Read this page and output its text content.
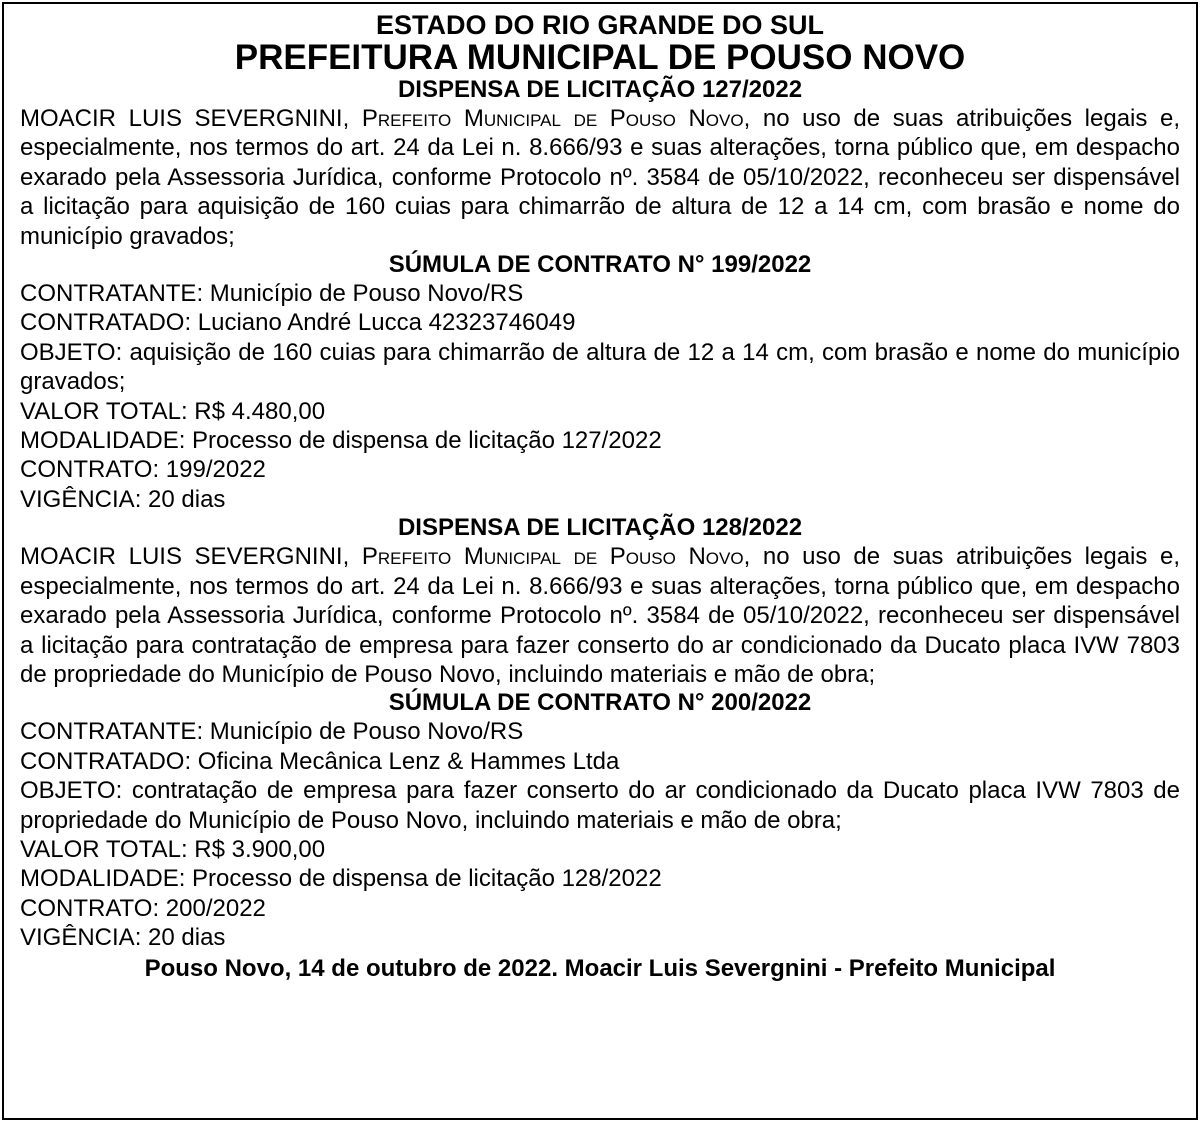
ESTADO DO RIO GRANDE DO SUL
PREFEITURA MUNICIPAL DE POUSO NOVO
DISPENSA DE LICITAÇÃO 127/2022
MOACIR LUIS SEVERGNINI, Prefeito Municipal de Pouso Novo, no uso de suas atribuições legais e, especialmente, nos termos do art. 24 da Lei n. 8.666/93 e suas alterações, torna público que, em despacho exarado pela Assessoria Jurídica, conforme Protocolo nº. 3584 de 05/10/2022, reconheceu ser dispensável a licitação para aquisição de 160 cuias para chimarrão de altura de 12 a 14 cm, com brasão e nome do município gravados;
SÚMULA DE CONTRATO N° 199/2022
CONTRATANTE: Município de Pouso Novo/RS
CONTRATADO: Luciano André Lucca 42323746049
OBJETO: aquisição de 160 cuias para chimarrão de altura de 12 a 14 cm, com brasão e nome do município gravados;
VALOR TOTAL: R$ 4.480,00
MODALIDADE: Processo de dispensa de licitação 127/2022
CONTRATO: 199/2022
VIGÊNCIA: 20 dias
DISPENSA DE LICITAÇÃO 128/2022
MOACIR LUIS SEVERGNINI, Prefeito Municipal de Pouso Novo, no uso de suas atribuições legais e, especialmente, nos termos do art. 24 da Lei n. 8.666/93 e suas alterações, torna público que, em despacho exarado pela Assessoria Jurídica, conforme Protocolo nº. 3584 de 05/10/2022, reconheceu ser dispensável a licitação para contratação de empresa para fazer conserto do ar condicionado da Ducato placa IVW 7803 de propriedade do Município de Pouso Novo, incluindo materiais e mão de obra;
SÚMULA DE CONTRATO N° 200/2022
CONTRATANTE: Município de Pouso Novo/RS
CONTRATADO: Oficina Mecânica Lenz & Hammes Ltda
OBJETO: contratação de empresa para fazer conserto do ar condicionado da Ducato placa IVW 7803 de propriedade do Município de Pouso Novo, incluindo materiais e mão de obra;
VALOR TOTAL: R$ 3.900,00
MODALIDADE: Processo de dispensa de licitação 128/2022
CONTRATO: 200/2022
VIGÊNCIA: 20 dias
Pouso Novo, 14 de outubro de 2022. Moacir Luis Severgnini - Prefeito Municipal
